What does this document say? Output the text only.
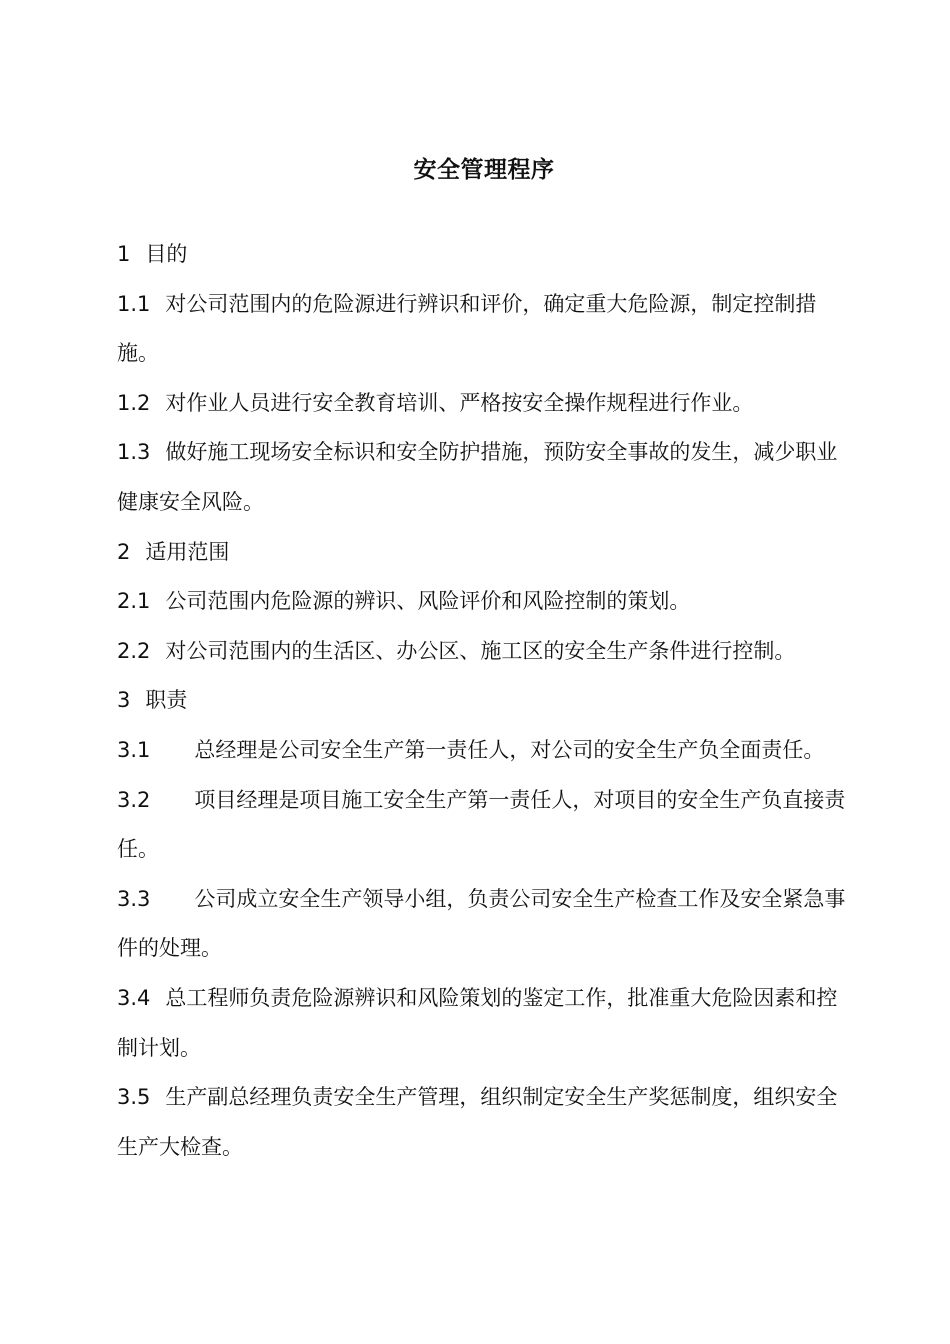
安全管理程序

1 目的

1.1 对公司范围内的危险源进行辨识和评价，确定重大危险源，制定控制措施。

1.2 对作业人员进行安全教育培训、严格按安全操作规程进行作业。

1.3 做好施工现场安全标识和安全防护措施，预防安全事故的发生，减少职业健康安全风险。

2 适用范围

2.1 公司范围内危险源的辨识、风险评价和风险控制的策划。

2.2 对公司范围内的生活区、办公区、施工区的安全生产条件进行控制。

3 职责

3.1 总经理是公司安全生产第一责任人，对公司的安全生产负全面责任。

3.2 项目经理是项目施工安全生产第一责任人，对项目的安全生产负直接责任。

3.3 公司成立安全生产领导小组，负责公司安全生产检查工作及安全紧急事件的处理。

3.4 总工程师负责危险源辨识和风险策划的鉴定工作，批准重大危险因素和控制计划。

3.5 生产副总经理负责安全生产管理，组织制定安全生产奖惩制度，组织安全生产大检查。
